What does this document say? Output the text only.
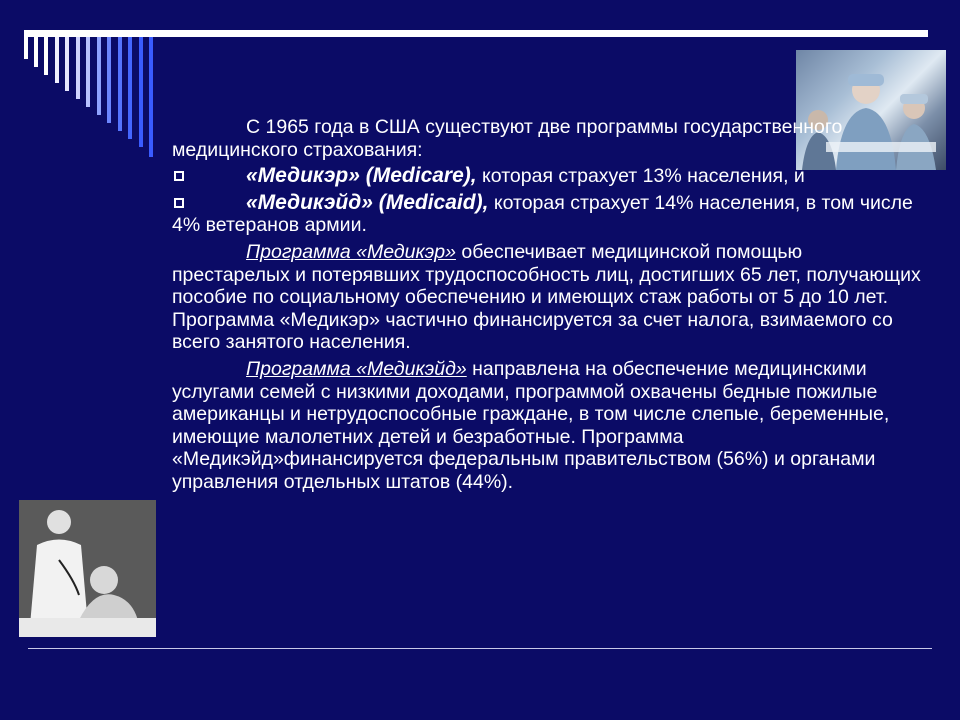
С 1965 года в США существуют две программы государственного медицинского страхования:

«Медикэр» (Medicare), которая страхует 13% населения, и

«Медикэйд» (Medicaid), которая страхует 14% населения, в том числе 4% ветеранов армии.

Программа «Медикэр» обеспечивает медицинской помощью престарелых и потерявших трудоспособность лиц, достигших 65 лет, получающих пособие по социальному обеспечению и имеющих стаж работы от 5 до 10 лет. Программа «Медикэр» частично финансируется за счет налога, взимаемого со всего занятого населения.

Программа «Медикэйд» направлена на обеспечение медицинскими услугами семей с низкими доходами, программой охвачены бедные пожилые американцы и нетрудоспособные граждане, в том числе слепые, беременные, имеющие малолетних детей и безработные. Программа «Медикэйд»финансируется федеральным правительством (56%) и органами управления отдельных штатов (44%).
